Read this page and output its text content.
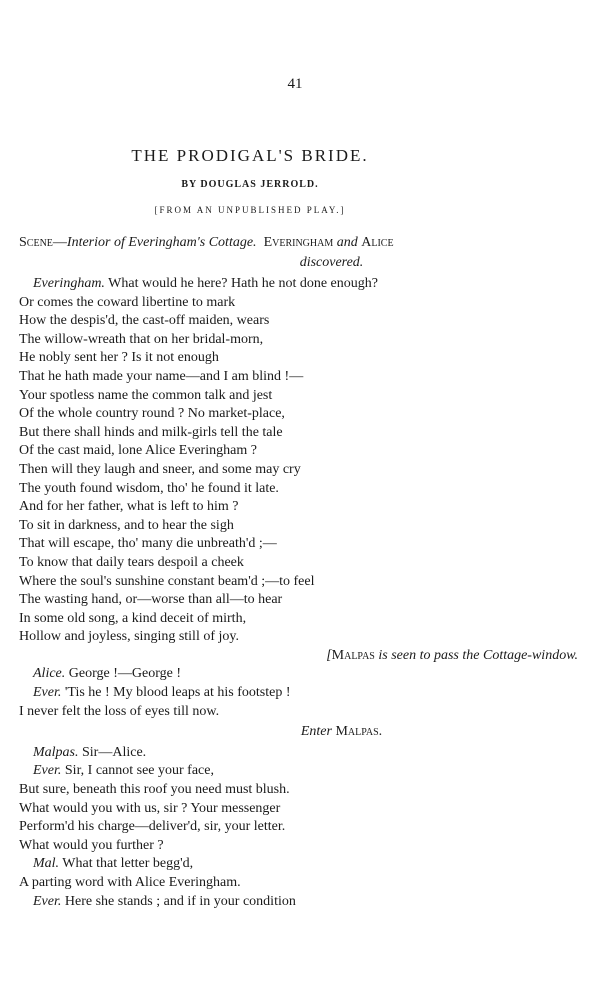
41
THE PRODIGAL'S BRIDE.
BY DOUGLAS JERROLD.
[FROM AN UNPUBLISHED PLAY.]
Scene—Interior of Everingham's Cottage. Everingham and Alice
discovered.
Everingham. What would he here? Hath he not done enough?
Or comes the coward libertine to mark
How the despis'd, the cast-off maiden, wears
The willow-wreath that on her bridal-morn,
He nobly sent her ? Is it not enough
That he hath made your name—and I am blind !—
Your spotless name the common talk and jest
Of the whole country round ? No market-place,
But there shall hinds and milk-girls tell the tale
Of the cast maid, lone Alice Everingham ?
Then will they laugh and sneer, and some may cry
The youth found wisdom, tho' he found it late.
And for her father, what is left to him ?
To sit in darkness, and to hear the sigh
That will escape, tho' many die unbreath'd ;—
To know that daily tears despoil a cheek
Where the soul's sunshine constant beam'd ;—to feel
The wasting hand, or—worse than all—to hear
In some old song, a kind deceit of mirth,
Hollow and joyless, singing still of joy.
[Malpas is seen to pass the Cottage-window.
Alice. George !—George !
Ever. 'Tis he ! My blood leaps at his footstep !
I never felt the loss of eyes till now.
Enter Malpas.
Malpas. Sir—Alice.
Ever. Sir, I cannot see your face,
But sure, beneath this roof you need must blush.
What would you with us, sir ? Your messenger
Perform'd his charge—deliver'd, sir, your letter.
What would you further ?
Mal. What that letter begg'd,
A parting word with Alice Everingham.
Ever. Here she stands ; and if in your condition
